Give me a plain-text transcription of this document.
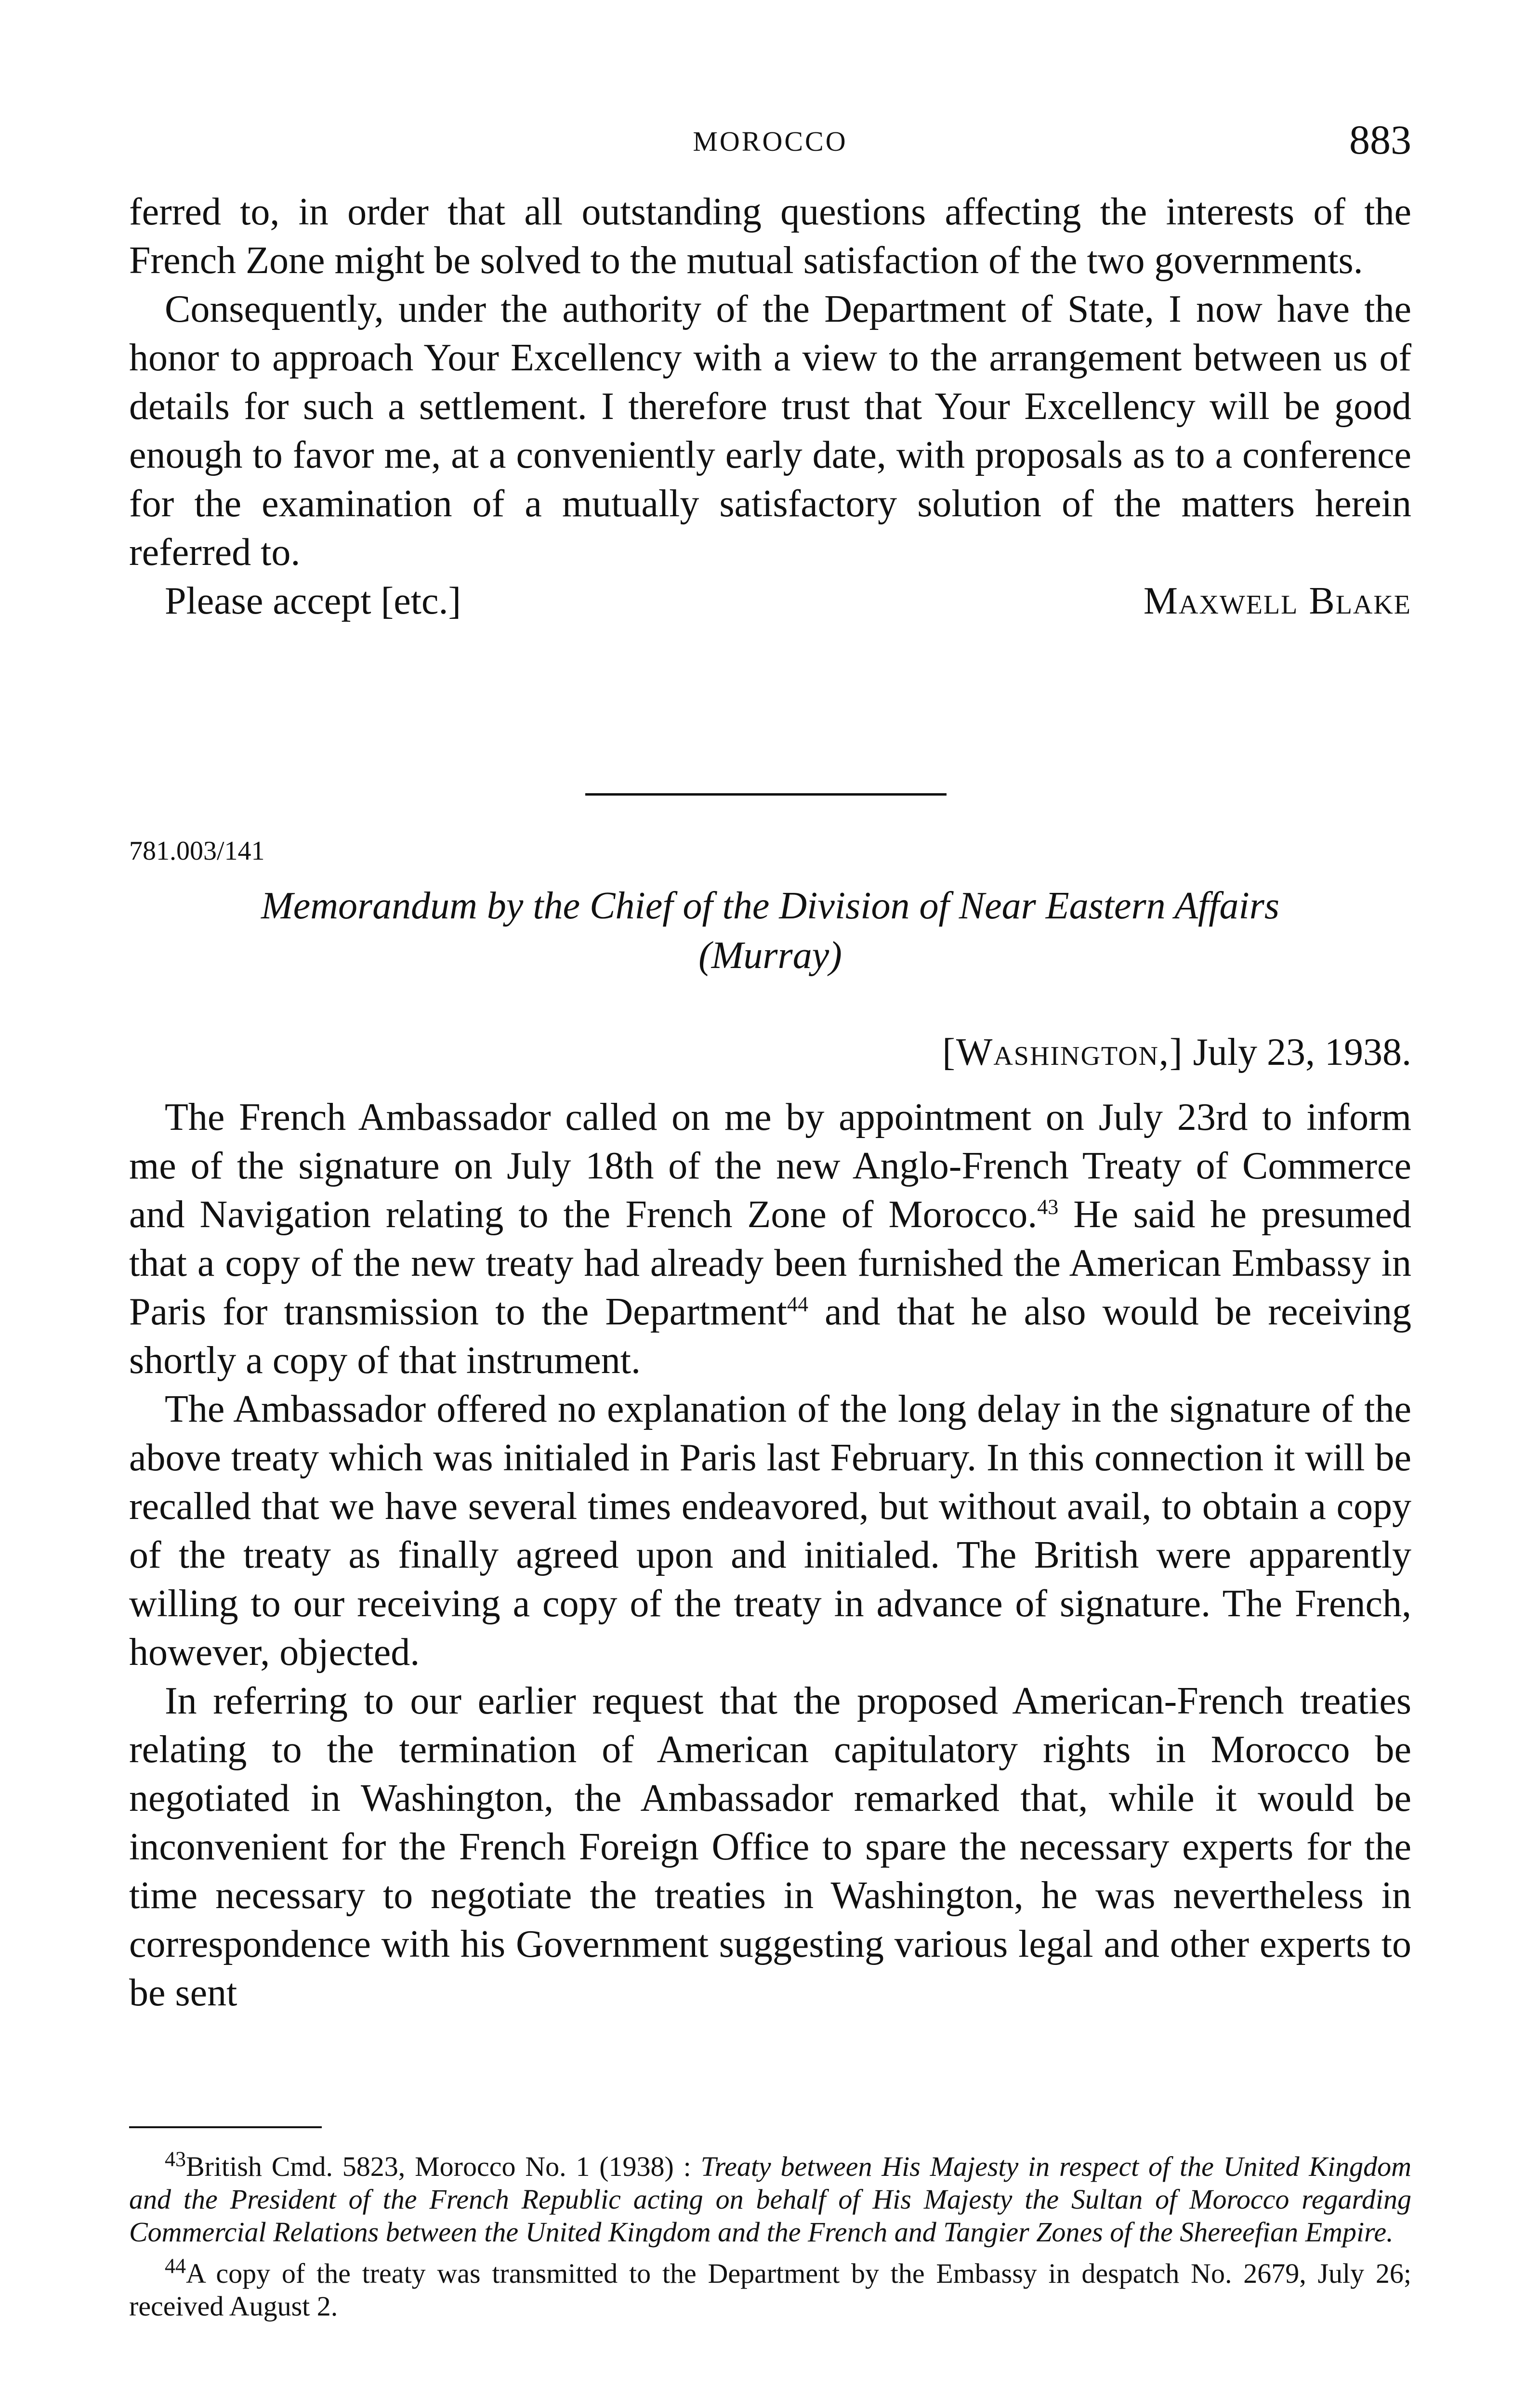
MOROCCO	883

ferred to, in order that all outstanding questions affecting the interests of the French Zone might be solved to the mutual satisfaction of the two governments.

Consequently, under the authority of the Department of State, I now have the honor to approach Your Excellency with a view to the arrangement between us of details for such a settlement. I therefore trust that Your Excellency will be good enough to favor me, at a conveniently early date, with proposals as to a conference for the examination of a mutually satisfactory solution of the matters herein referred to.

Please accept [etc.]	Maxwell Blake
781.003/141
Memorandum by the Chief of the Division of Near Eastern Affairs
(Murray)
[Washington,] July 23, 1938.

The French Ambassador called on me by appointment on July 23rd to inform me of the signature on July 18th of the new Anglo-French Treaty of Commerce and Navigation relating to the French Zone of Morocco.$^{43}$ He said he presumed that a copy of the new treaty had already been furnished the American Embassy in Paris for transmission to the Department$^{44}$ and that he also would be receiving shortly a copy of that instrument.

The Ambassador offered no explanation of the long delay in the signature of the above treaty which was initialed in Paris last February. In this connection it will be recalled that we have several times endeavored, but without avail, to obtain a copy of the treaty as finally agreed upon and initialed. The British were apparently willing to our receiving a copy of the treaty in advance of signature. The French, however, objected.

In referring to our earlier request that the proposed American-French treaties relating to the termination of American capitulatory rights in Morocco be negotiated in Washington, the Ambassador remarked that, while it would be inconvenient for the French Foreign Office to spare the necessary experts for the time necessary to negotiate the treaties in Washington, he was nevertheless in correspondence with his Government suggesting various legal and other experts to be sent

$^{43}$British Cmd. 5823, Morocco No. 1 (1938) : Treaty between His Majesty in respect of the United Kingdom and the President of the French Republic acting on behalf of His Majesty the Sultan of Morocco regarding Commercial Relations between the United Kingdom and the French and Tangier Zones of the Shereefian Empire.

$^{44}$A copy of the treaty was transmitted to the Department by the Embassy in despatch No. 2679, July 26; received August 2.
